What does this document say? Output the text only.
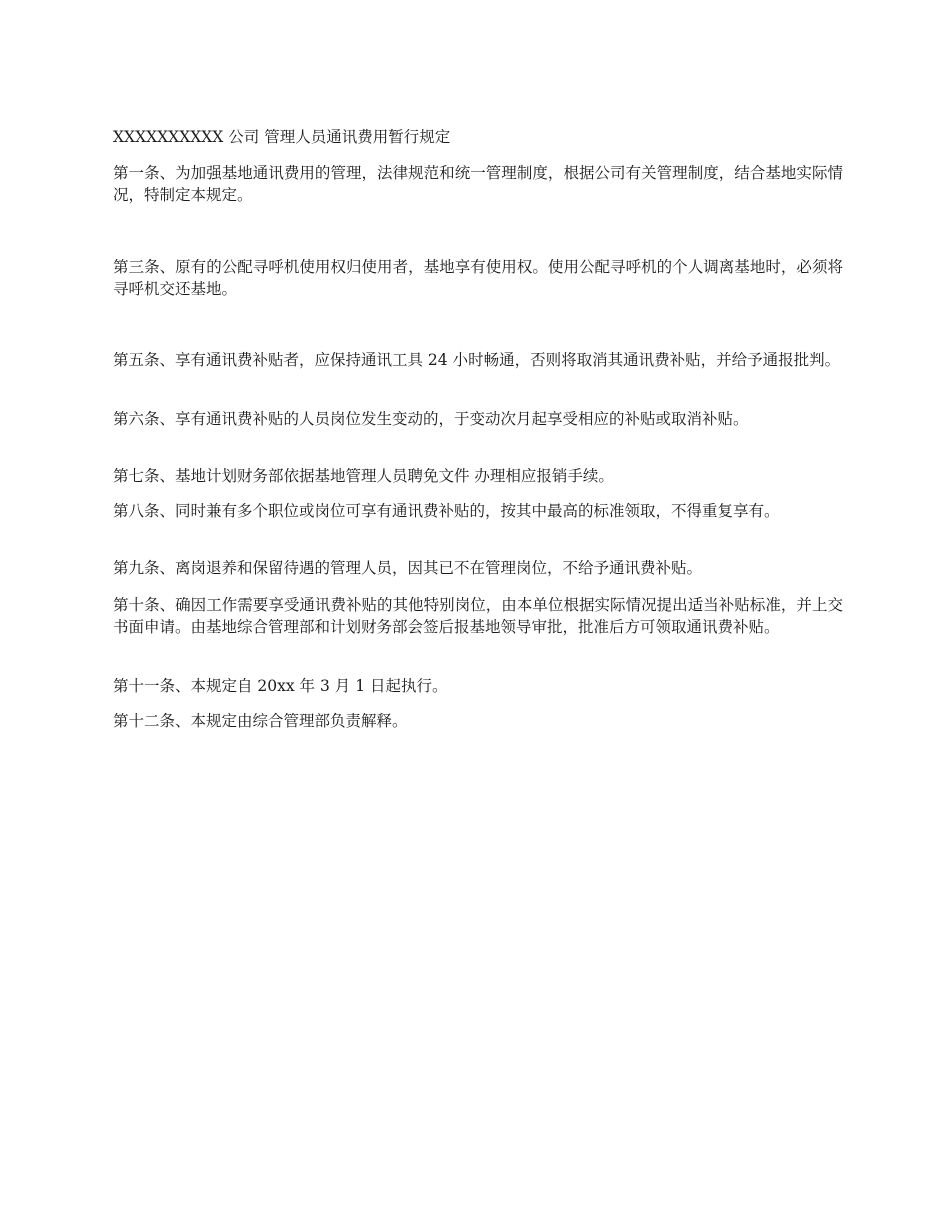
XXXXXXXXXX 公司 管理人员通讯费用暂行规定

第一条、为加强基地通讯费用的管理，法律规范和统一管理制度，根据公司有关管理制度，结合基地实际情况，特制定本规定。

第三条、原有的公配寻呼机使用权归使用者，基地享有使用权。使用公配寻呼机的个人调离基地时，必须将寻呼机交还基地。

第五条、享有通讯费补贴者，应保持通讯工具 24 小时畅通，否则将取消其通讯费补贴，并给予通报批判。

第六条、享有通讯费补贴的人员岗位发生变动的，于变动次月起享受相应的补贴或取消补贴。

第七条、基地计划财务部依据基地管理人员聘免文件 办理相应报销手续。

第八条、同时兼有多个职位或岗位可享有通讯费补贴的，按其中最高的标准领取，不得重复享有。

第九条、离岗退养和保留待遇的管理人员，因其已不在管理岗位，不给予通讯费补贴。

第十条、确因工作需要享受通讯费补贴的其他特别岗位，由本单位根据实际情况提出适当补贴标准，并上交书面申请。由基地综合管理部和计划财务部会签后报基地领导审批，批准后方可领取通讯费补贴。

第十一条、本规定自 20xx 年 3 月 1 日起执行。

第十二条、本规定由综合管理部负责解释。
